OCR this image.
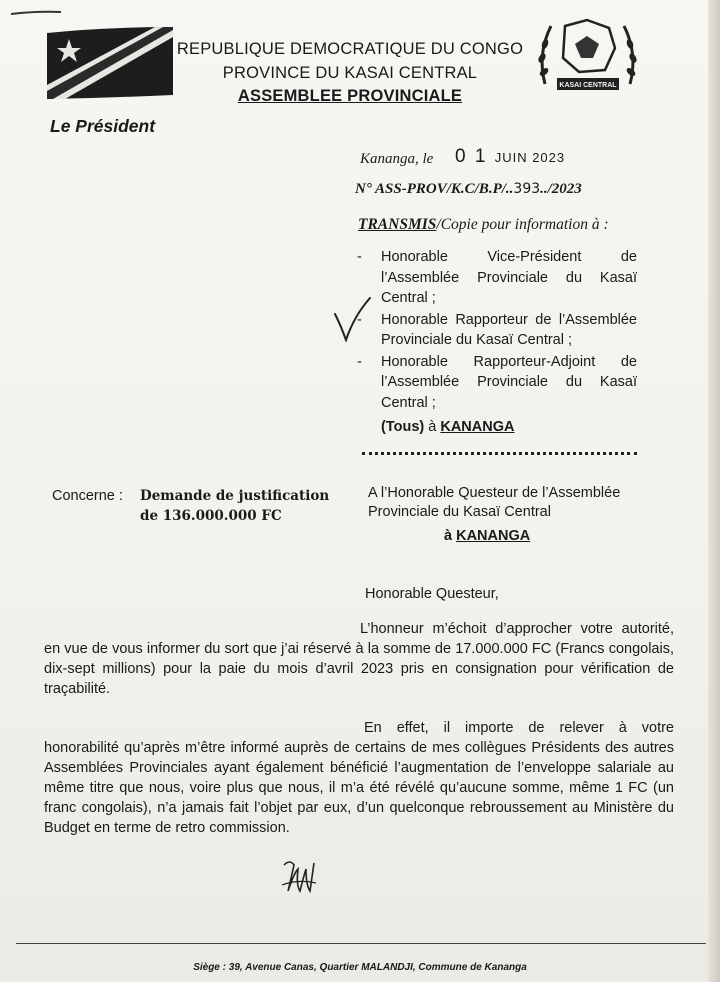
KASAI CENTRAL
REPUBLIQUE DEMOCRATIQUE DU CONGO
PROVINCE DU KASAI CENTRAL
ASSEMBLEE PROVINCIALE
Le Président
Kananga, le 0 1 JUIN 2023
N° ASS-PROV/K.C/B.P/..393../2023
TRANSMIS/Copie pour information à :
- Honorable Vice-Président de l’Assemblée Provinciale du Kasaï Central ;
- Honorable Rapporteur de l’Assemblée Provinciale du Kasaï Central ;
- Honorable Rapporteur-Adjoint de l’Assemblée Provinciale du Kasaï Central ;
(Tous) à KANANGA
Concerne : Demande de justification
de 136.000.000 FC
A l’Honorable Questeur de l’Assemblée Provinciale du Kasaï Central
à KANANGA
Honorable Questeur,
L’honneur m’échoit d’approcher votre autorité, en vue de vous informer du sort que j’ai réservé à la somme de 17.000.000 FC (Francs congolais, dix-sept millions) pour la paie du mois d’avril 2023 pris en consignation pour vérification de traçabilité.
En effet, il importe de relever à votre honorabilité qu’après m’être informé auprès de certains de mes collègues Présidents des autres Assemblées Provinciales ayant également bénéficié l’augmentation de l’enveloppe salariale au même titre que nous, voire plus que nous, il m’a été révélé qu’aucune somme, même 1 FC (un franc congolais), n’a jamais fait l’objet par eux, d’un quelconque rebroussement au Ministère du Budget en terme de retro commission.
Siège : 39, Avenue Canas, Quartier MALANDJI, Commune de Kananga
